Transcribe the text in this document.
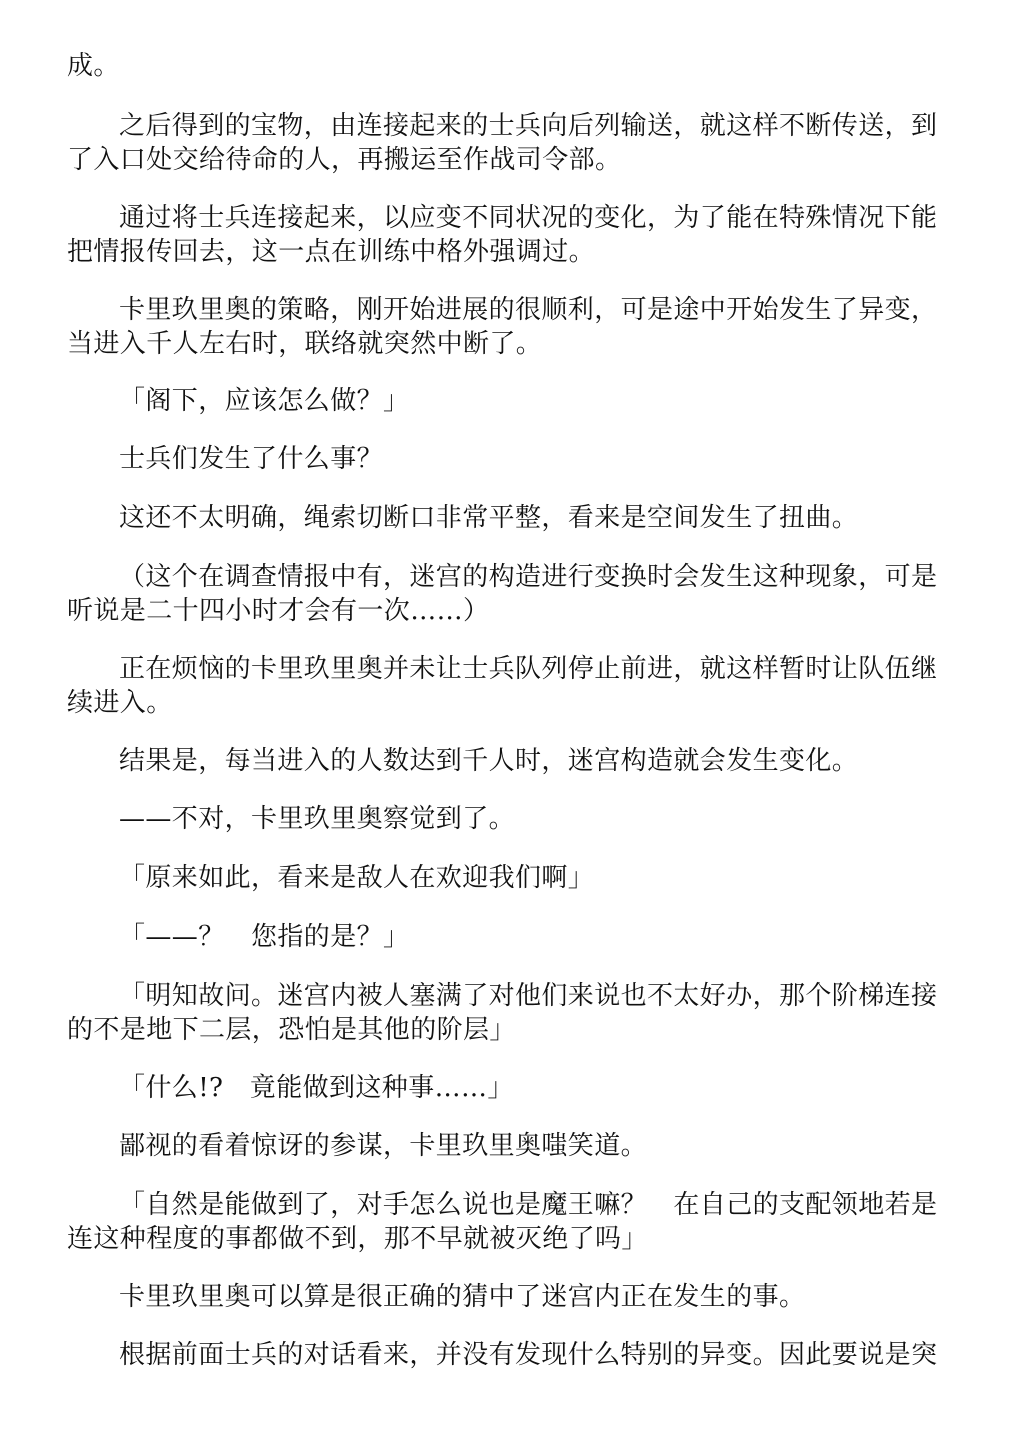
成。
之后得到的宝物，由连接起来的士兵向后列输送，就这样不断传送，到
了入口处交给待命的人，再搬运至作战司令部。
通过将士兵连接起来，以应变不同状况的变化，为了能在特殊情况下能
把情报传回去，这一点在训练中格外强调过。
卡里玖里奥的策略，刚开始进展的很顺利，可是途中开始发生了异变，
当进入千人左右时，联络就突然中断了。
「阁下，应该怎么做？」
士兵们发生了什么事？
这还不太明确，绳索切断口非常平整，看来是空间发生了扭曲。
（这个在调查情报中有，迷宫的构造进行变换时会发生这种现象，可是
听说是二十四小时才会有一次……）
正在烦恼的卡里玖里奥并未让士兵队列停止前进，就这样暂时让队伍继
续进入。
结果是，每当进入的人数达到千人时，迷宫构造就会发生变化。
——不对，卡里玖里奥察觉到了。
「原来如此，看来是敌人在欢迎我们啊」
「——？　您指的是？」
「明知故问。迷宫内被人塞满了对他们来说也不太好办，那个阶梯连接
的不是地下二层，恐怕是其他的阶层」
「什么!?　竟能做到这种事……」
鄙视的看着惊讶的参谋，卡里玖里奥嗤笑道。
「自然是能做到了，对手怎么说也是魔王嘛？　在自己的支配领地若是
连这种程度的事都做不到，那不早就被灭绝了吗」
卡里玖里奥可以算是很正确的猜中了迷宫内正在发生的事。
根据前面士兵的对话看来，并没有发现什么特别的异变。因此要说是突
